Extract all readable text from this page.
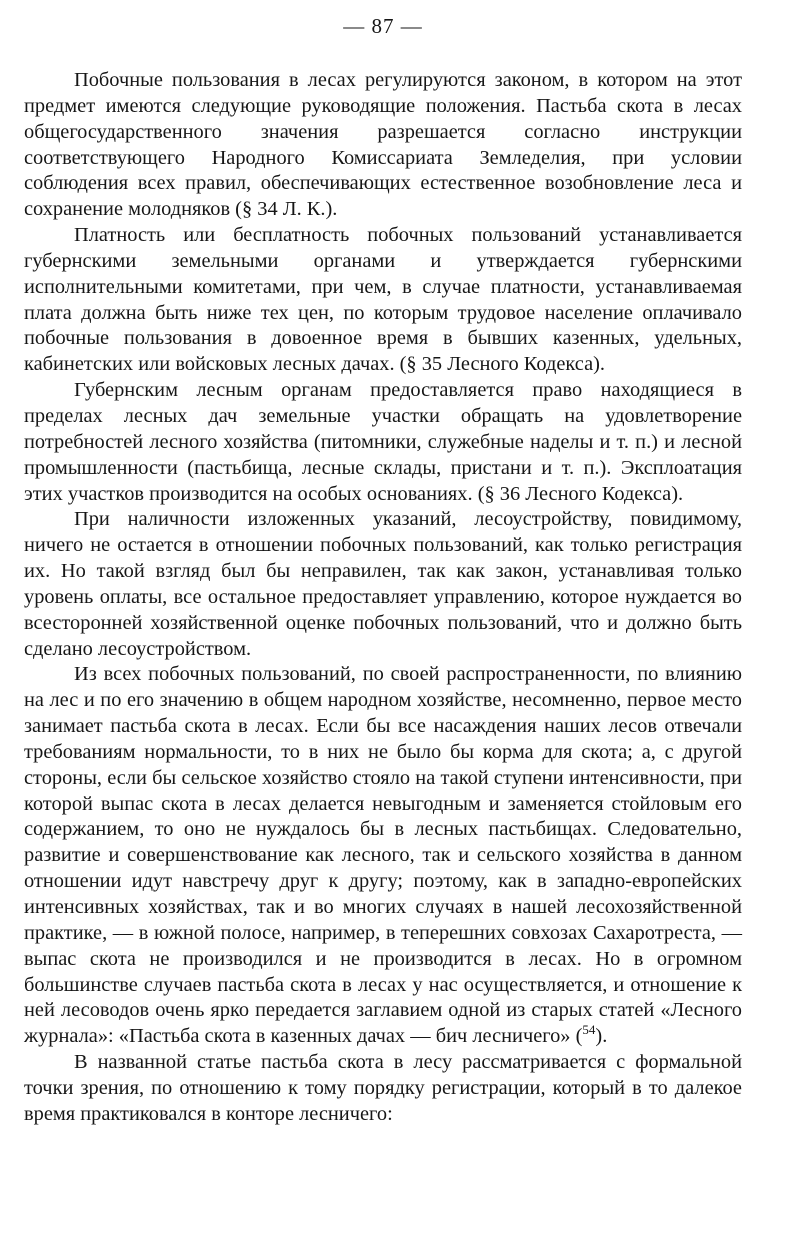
— 87 —

Побочные пользования в лесах регулируются законом, в котором на этот предмет имеются следующие руководящие положения. Пастьба скота в лесах общегосударственного значения разрешается согласно инструкции соответствующего Народного Комиссариата Земледелия, при условии соблюдения всех правил, обеспечивающих естественное возобновление леса и сохранение молодняков (§ 34 Л. К.).

Платность или бесплатность побочных пользований устанавливается губернскими земельными органами и утверждается губернскими исполнительными комитетами, при чем, в случае платности, устанавливаемая плата должна быть ниже тех цен, по которым трудовое население оплачивало побочные пользования в довоенное время в бывших казенных, удельных, кабинетских или войсковых лесных дачах. (§ 35 Лесного Кодекса).

Губернским лесным органам предоставляется право находящиеся в пределах лесных дач земельные участки обращать на удовлетворение потребностей лесного хозяйства (питомники, служебные наделы и т. п.) и лесной промышленности (пастьбища, лесные склады, пристани и т. п.). Эксплоатация этих участков производится на особых основаниях. (§ 36 Лесного Кодекса).

При наличности изложенных указаний, лесоустройству, повидимому, ничего не остается в отношении побочных пользований, как только регистрация их. Но такой взгляд был бы неправилен, так как закон, устанавливая только уровень оплаты, все остальное предоставляет управлению, которое нуждается во всесторонней хозяйственной оценке побочных пользований, что и должно быть сделано лесоустройством.

Из всех побочных пользований, по своей распространенности, по влиянию на лес и по его значению в общем народном хозяйстве, несомненно, первое место занимает пастьба скота в лесах. Если бы все насаждения наших лесов отвечали требованиям нормальности, то в них не было бы корма для скота; а, с другой стороны, если бы сельское хозяйство стояло на такой ступени интенсивности, при которой выпас скота в лесах делается невыгодным и заменяется стойловым его содержанием, то оно не нуждалось бы в лесных пастьбищах. Следовательно, развитие и совершенствование как лесного, так и сельского хозяйства в данном отношении идут навстречу друг к другу; поэтому, как в западно-европейских интенсивных хозяйствах, так и во многих случаях в нашей лесохозяйственной практике, — в южной полосе, например, в теперешних совхозах Сахаротреста, — выпас скота не производился и не производится в лесах. Но в огромном большинстве случаев пастьба скота в лесах у нас осуществляется, и отношение к ней лесоводов очень ярко передается заглавием одной из старых статей «Лесного журнала»: «Пастьба скота в казенных дачах — бич лесничего» ($^{54}$).

В названной статье пастьба скота в лесу рассматривается с формальной точки зрения, по отношению к тому порядку регистрации, который в то далекое время практиковался в конторе лесничего:
